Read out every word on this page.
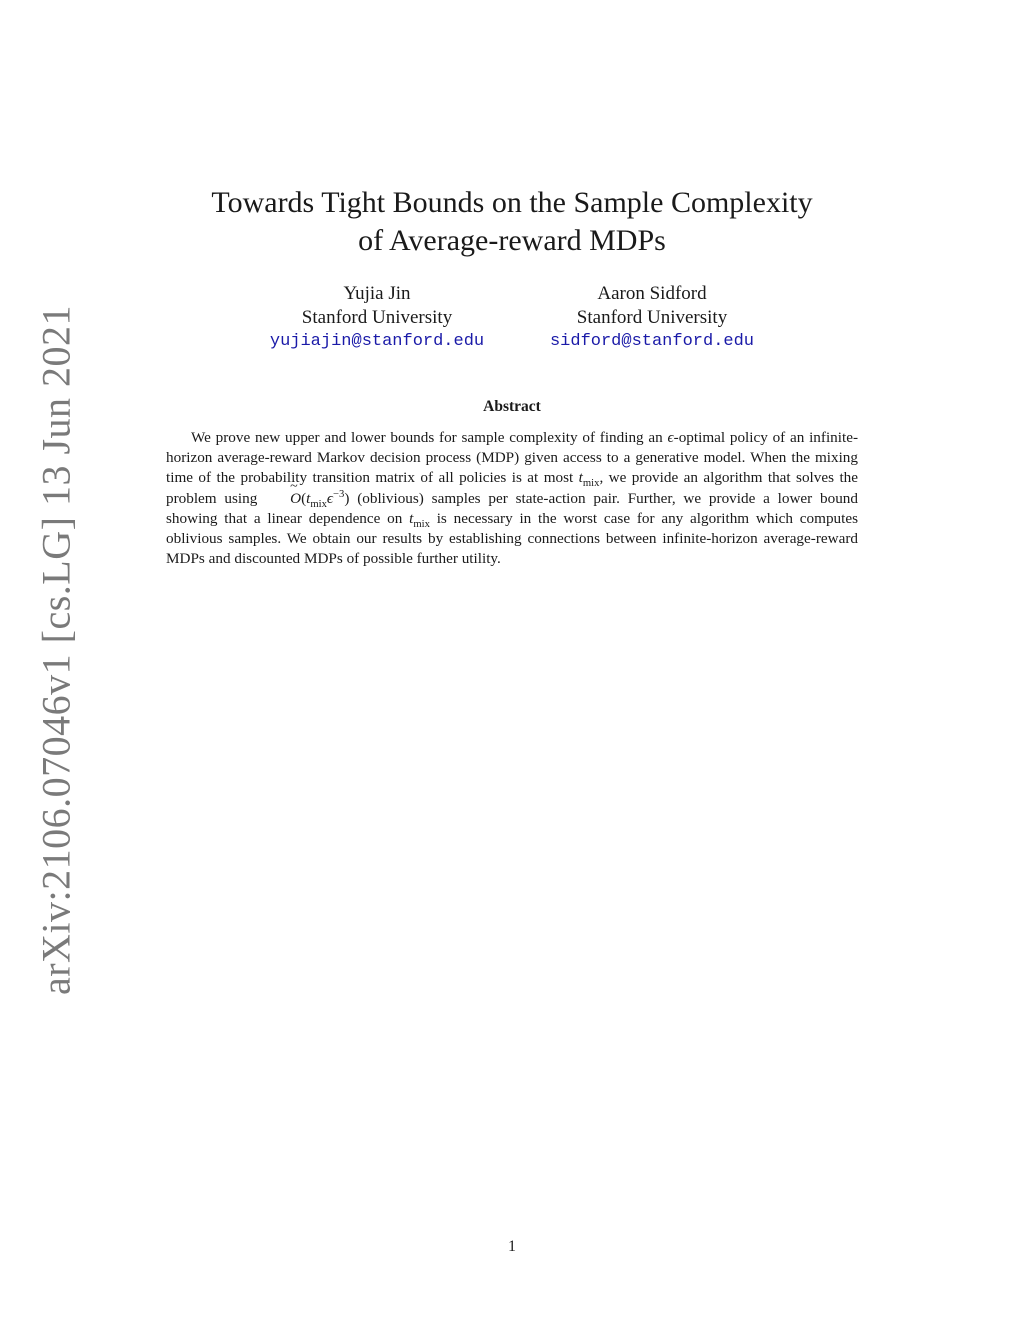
arXiv:2106.07046v1 [cs.LG] 13 Jun 2021
Towards Tight Bounds on the Sample Complexity
of Average-reward MDPs
Yujia Jin
Stanford University
yujiajin@stanford.edu
Aaron Sidford
Stanford University
sidford@stanford.edu
Abstract
We prove new upper and lower bounds for sample complexity of finding an ϵ-optimal policy of an infinite-horizon average-reward Markov decision process (MDP) given access to a generative model. When the mixing time of the probability transition matrix of all policies is at most $t_{mix}$, we provide an algorithm that solves the problem using ~ $O(t_{mix}\epsilon^{-3})$ (oblivious) samples per state-action pair. Further, we provide a lower bound showing that a linear dependence on $t_{mix}$ is necessary in the worst case for any algorithm which computes oblivious samples. We obtain our results by establishing connections between infinite-horizon average-reward MDPs and discounted MDPs of possible further utility.
1
